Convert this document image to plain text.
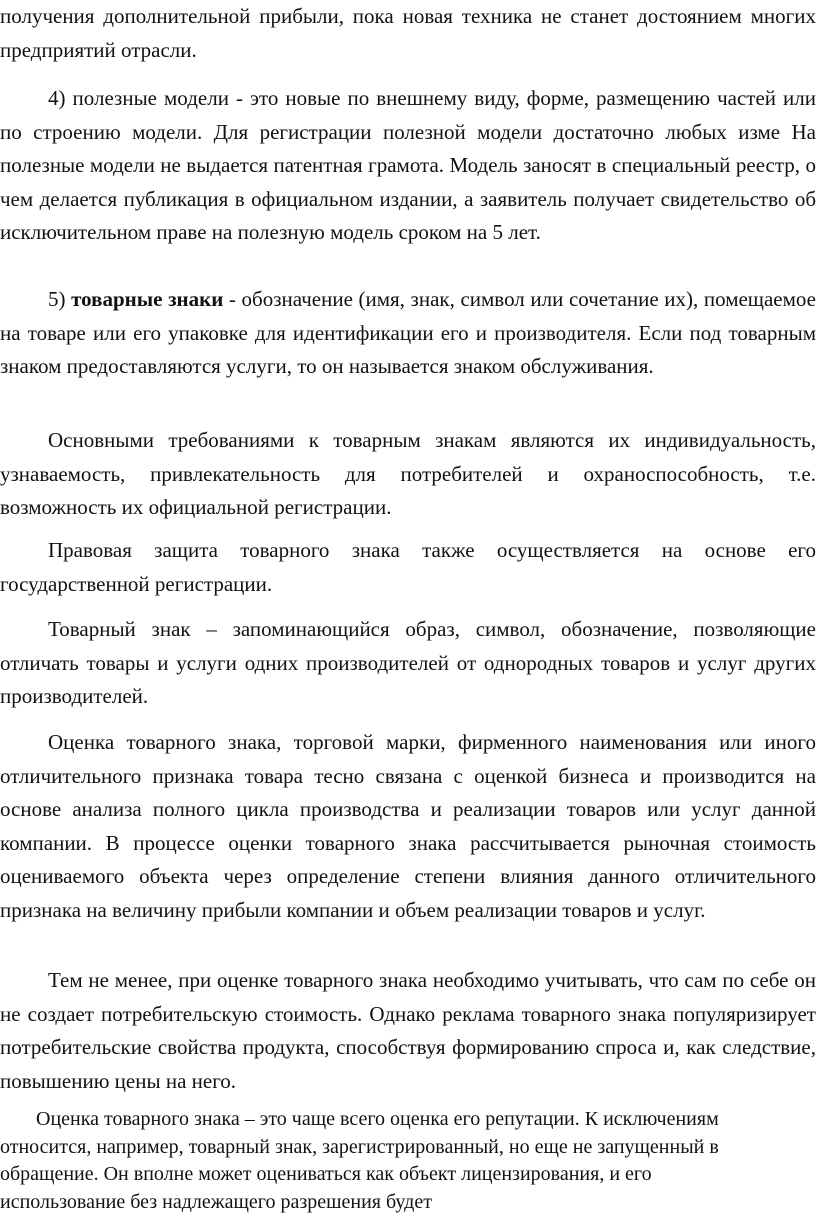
получения дополнительной прибыли, пока новая техника не станет достоянием многих предприятий отрасли.

4) полезные модели - это новые по внешнему виду, форме, размещению частей или по строению модели. Для регистрации полезной модели достаточно любых изме На полезные модели не выдается патентная грамота. Модель заносят в специальный реестр, о чем делается публикация в официальном издании, а заявитель получает свидетельство об исключительном праве на полезную модель сроком на 5 лет.

5) товарные знаки - обозначение (имя, знак, символ или сочетание их), помещаемое на товаре или его упаковке для идентификации его и производителя. Если под товарным знаком предоставляются услуги, то он называется знаком обслуживания.

Основными требованиями к товарным знакам являются их индивидуальность, узнаваемость, привлекательность для потребителей и охраноспособность, т.е. возможность их официальной регистрации.

Правовая защита товарного знака также осуществляется на основе его государственной регистрации.

Товарный знак – запоминающийся образ, символ, обозначение, позволяющие отличать товары и услуги одних производителей от однородных товаров и услуг других производителей.

Оценка товарного знака, торговой марки, фирменного наименования или иного отличительного признака товара тесно связана с оценкой бизнеса и производится на основе анализа полного цикла производства и реализации товаров или услуг данной компании. В процессе оценки товарного знака рассчитывается рыночная стоимость оцениваемого объекта через определение степени влияния данного отличительного признака на величину прибыли компании и объем реализации товаров и услуг.

Тем не менее, при оценке товарного знака необходимо учитывать, что сам по себе он не создает потребительскую стоимость. Однако реклама товарного знака популяризирует потребительские свойства продукта, способствуя формированию спроса и, как следствие, повышению цены на него.

Оценка товарного знака – это чаще всего оценка его репутации. К исключениям относится, например, товарный знак, зарегистрированный, но еще не запущенный в обращение. Он вполне может оцениваться как объект лицензирования, и его использование без надлежащего разрешения будет
